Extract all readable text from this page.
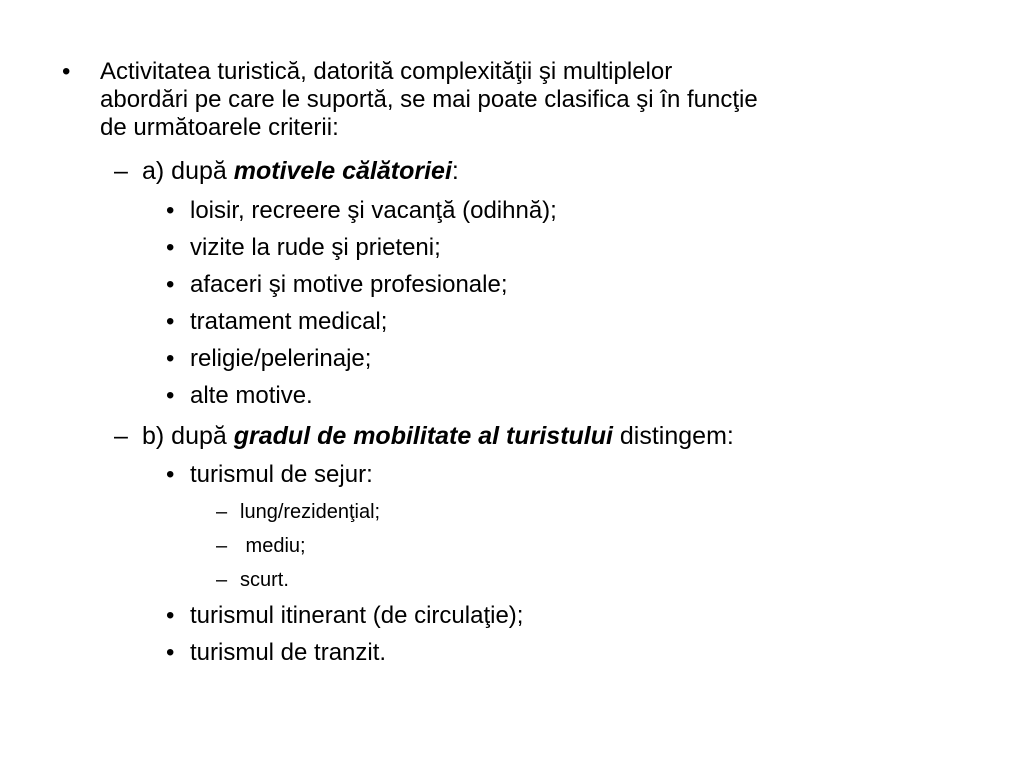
• Activitatea turistică, datorită complexităţii şi multiplelor
abordări pe care le suportă, se mai poate clasifica şi în funcţie
de următoarele criterii:
– a) după motivele călătoriei:
• loisir, recreere şi vacanţă (odihnă);
• vizite la rude şi prieteni;
• afaceri şi motive profesionale;
• tratament medical;
• religie/pelerinaje;
• alte motive.
– b) după gradul de mobilitate al turistului distingem:
• turismul de sejur:
– lung/rezidenţial;
– mediu;
– scurt.
• turismul itinerant (de circulaţie);
• turismul de tranzit.
